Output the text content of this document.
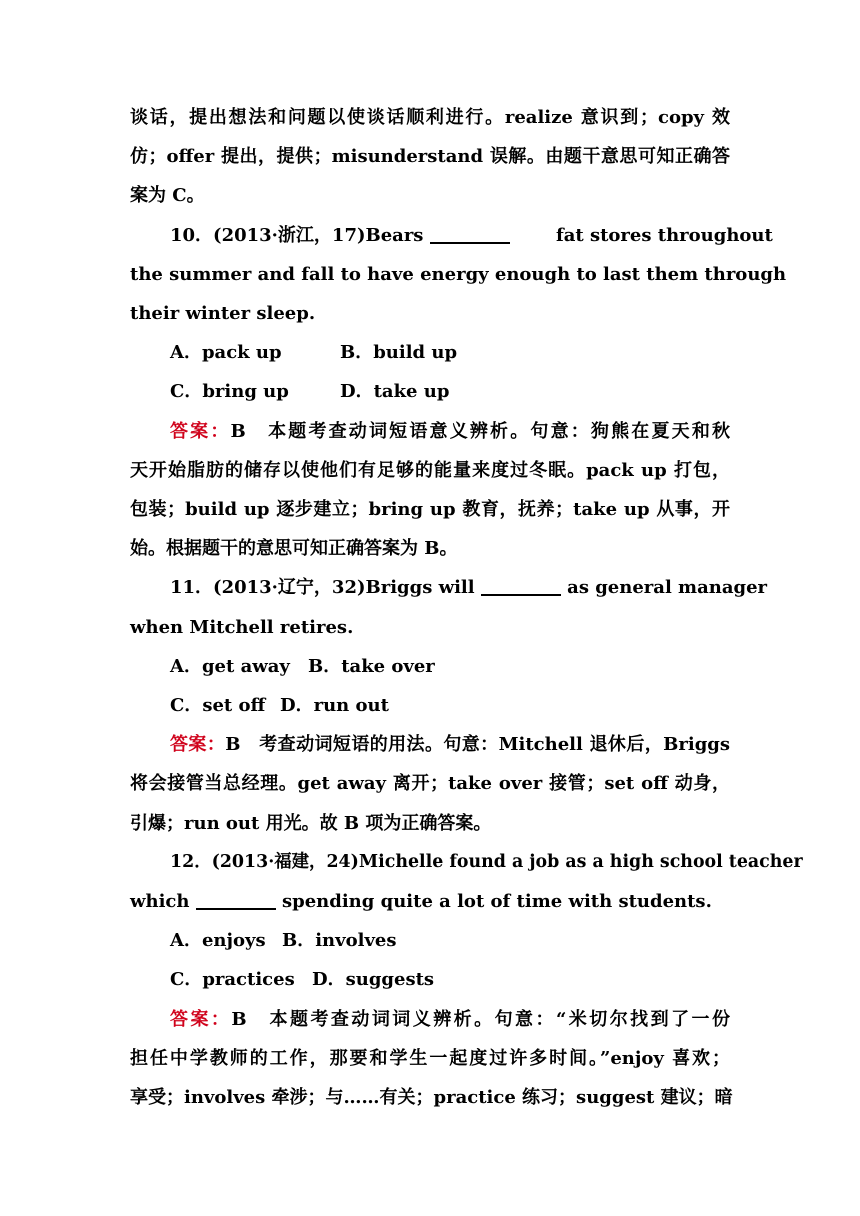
谈话，提出想法和问题以使谈话顺利进行。realize 意识到；copy 效
仿；offer 提出，提供；misunderstand 误解。由题干意思可知正确答
案为 C。
10．(2013·浙江，17)Bears	fat stores throughout
the summer and fall to have energy enough to last them through
their winter sleep.
A．pack up	B．build up
C．bring up	D．take up
答案：B　本题考查动词短语意义辨析。句意：狗熊在夏天和秋
天开始脂肪的储存以使他们有足够的能量来度过冬眠。pack up 打包，
包装；build up 逐步建立；bring up 教育，抚养；take up 从事，开
始。根据题干的意思可知正确答案为 B。
11．(2013·辽宁，32)Briggs will	as general manager
when Mitchell retires.
A．get away B．take over
C．set off D．run out
答案：B　考查动词短语的用法。句意：Mitchell 退休后，Briggs
将会接管当总经理。get away 离开；take over 接管；set off 动身，
引爆；run out 用光。故 B 项为正确答案。
12．(2013·福建，24)Michelle found a job as a high school teacher
which	spending quite a lot of time with students.
A．enjoys B．involves
C．practices D．suggests
答案：B　本题考查动词词义辨析。句意：“米切尔找到了一份
担任中学教师的工作，那要和学生一起度过许多时间。”enjoy 喜欢；
享受；involves 牵涉；与……有关；practice 练习；suggest 建议；暗
